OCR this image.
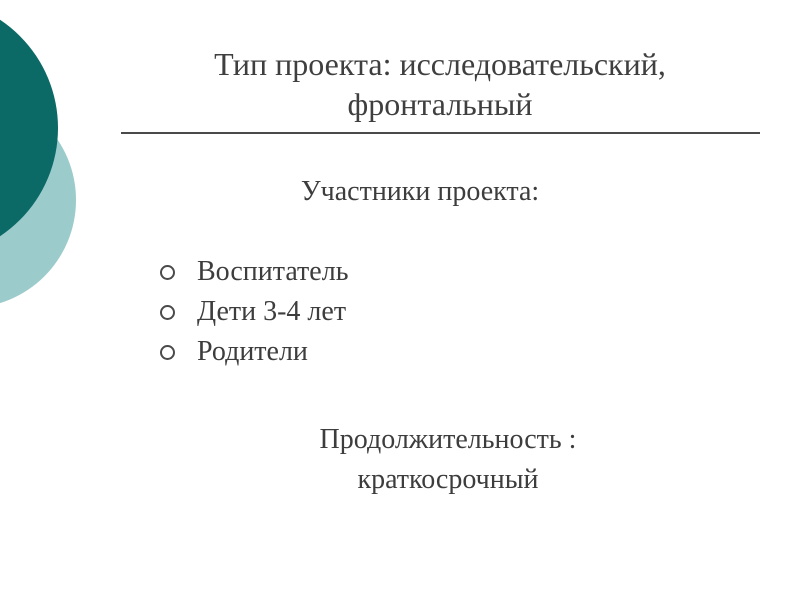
Тип проекта: исследовательский,
фронтальный
Участники проекта:
Воспитатель
Дети 3-4 лет
Родители
Продолжительность :
краткосрочный
